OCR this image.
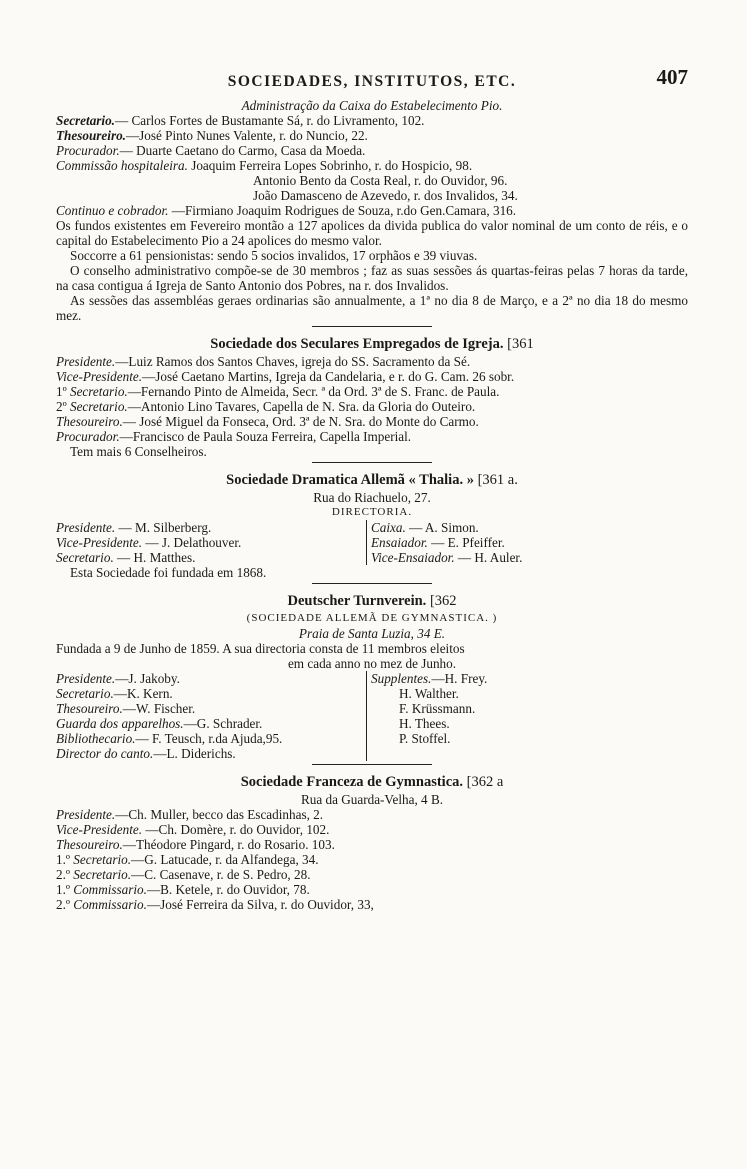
SOCIEDADES, INSTITUTOS, ETC.	407
Administração da Caixa do Estabelecimento Pio.
Secretario.— Carlos Fortes de Bustamante Sá, r. do Livramento, 102.
Thesoureiro.—José Pinto Nunes Valente, r. do Nuncio, 22.
Procurador.— Duarte Caetano do Carmo, Casa da Moeda.
Commissão hospitaleira. Joaquim Ferreira Lopes Sobrinho, r. do Hospicio, 98.
Antonio Bento da Costa Real, r. do Ouvidor, 96.
João Damasceno de Azevedo, r. dos Invalidos, 34.
Continuo e cobrador. —Firmiano Joaquim Rodrigues de Souza, r.do Gen.Camara, 316.
Os fundos existentes em Fevereiro montão a 127 apolices da divida publica do valor nominal de um conto de réis, e o capital do Estabelecimento Pio a 24 apolices do mesmo valor.
Soccorre a 61 pensionistas: sendo 5 socios invalidos, 17 orphãos e 39 viuvas.
O conselho administrativo compõe-se de 30 membros ; faz as suas sessões ás quartas-feiras pelas 7 horas da tarde, na casa contigua á Igreja de Santo Antonio dos Pobres, na r. dos Invalidos.
As sessões das assembléas geraes ordinarias são annualmente, a 1ª no dia 8 de Março, e a 2ª no dia 18 do mesmo mez.
Sociedade dos Seculares Empregados de Igreja. [361
Presidente.—Luiz Ramos dos Santos Chaves, igreja do SS. Sacramento da Sé.
Vice-Presidente.—José Caetano Martins, Igreja da Candelaria, e r. do G. Cam. 26 sobr.
1º Secretario.—Fernando Pinto de Almeida, Secr. ª da Ord. 3ª de S. Franc. de Paula.
2º Secretario.—Antonio Lino Tavares, Capella de N. Sra. da Gloria do Outeiro.
Thesoureiro.— José Miguel da Fonseca, Ord. 3ª de N. Sra. do Monte do Carmo.
Procurador.—Francisco de Paula Souza Ferreira, Capella Imperial.
Tem mais 6 Conselheiros.
Sociedade Dramatica Allemã « Thalia. » [361 a.
Rua do Riachuelo, 27.
DIRECTORIA.
Presidente. — M. Silberberg.
Vice-Presidente. — J. Delathouver.
Secretario. — H. Matthes.
Caixa. — A. Simon.
Ensaiador. — E. Pfeiffer.
Vice-Ensaiador. — H. Auler.
Esta Sociedade foi fundada em 1868.
Deutscher Turnverein. [362
(SOCIEDADE ALLEMÃ DE GYMNASTICA. )
Praia de Santa Luzia, 34 E.
Fundada a 9 de Junho de 1859. A sua directoria consta de 11 membros eleitos
em cada anno no mez de Junho.
Presidente.—J. Jakoby.
Secretario.—K. Kern.
Thesoureiro.—W. Fischer.
Guarda dos apparelhos.—G. Schrader.
Bibliothecario.— F. Teusch, r.da Ajuda,95.
Director do canto.—L. Diderichs.
Supplentes.—H. Frey.
H. Walther.
F. Krüssmann.
H. Thees.
P. Stoffel.
Sociedade Franceza de Gymnastica. [362 a
Rua da Guarda-Velha, 4 B.
Presidente.—Ch. Muller, becco das Escadinhas, 2.
Vice-Presidente. —Ch. Domère, r. do Ouvidor, 102.
Thesoureiro.—Théodore Pingard, r. do Rosario. 103.
1.º Secretario.—G. Latucade, r. da Alfandega, 34.
2.º Secretario.—C. Casenave, r. de S. Pedro, 28.
1.º Commissario.—B. Ketele, r. do Ouvidor, 78.
2.º Commissario.—José Ferreira da Silva, r. do Ouvidor, 33,
